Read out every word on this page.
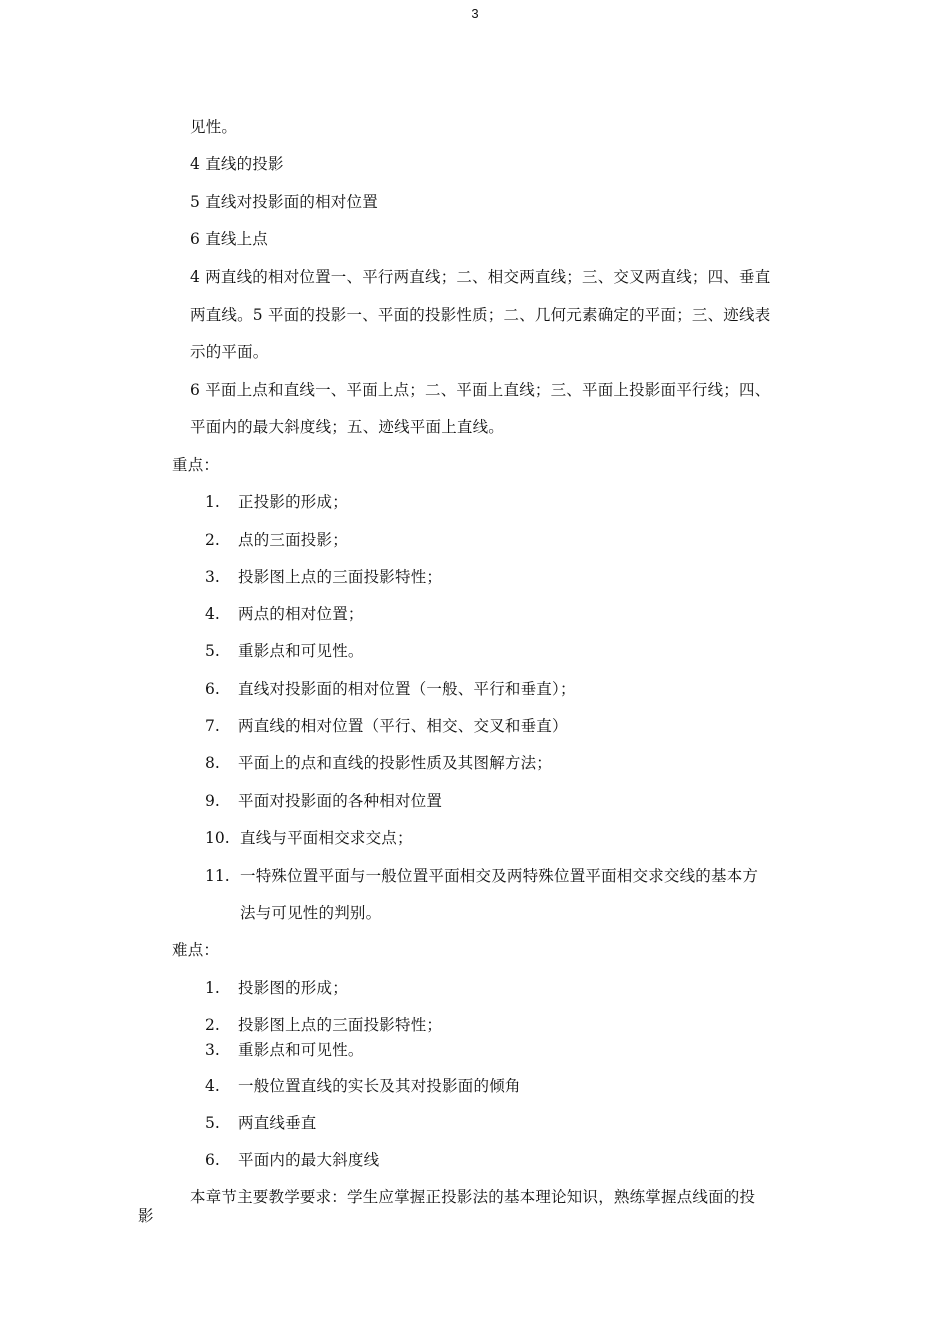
3
见性。
4 直线的投影
5 直线对投影面的相对位置
6 直线上点
4 两直线的相对位置一、平行两直线；二、相交两直线；三、交叉两直线；四、垂直
两直线。5 平面的投影一、平面的投影性质；二、几何元素确定的平面；三、迹线表
示的平面。
6 平面上点和直线一、平面上点；二、平面上直线；三、平面上投影面平行线；四、
平面内的最大斜度线；五、迹线平面上直线。
重点：
1. 正投影的形成；
2. 点的三面投影；
3. 投影图上点的三面投影特性；
4. 两点的相对位置；
5. 重影点和可见性。
6. 直线对投影面的相对位置（一般、平行和垂直）；
7. 两直线的相对位置（平行、相交、交叉和垂直）
8. 平面上的点和直线的投影性质及其图解方法；
9. 平面对投影面的各种相对位置
10. 直线与平面相交求交点；
11. 一特殊位置平面与一般位置平面相交及两特殊位置平面相交求交线的基本方
法与可见性的判别。
难点：
1. 投影图的形成；
2. 投影图上点的三面投影特性；
3. 重影点和可见性。
4. 一般位置直线的实长及其对投影面的倾角
5. 两直线垂直
6. 平面内的最大斜度线
本章节主要教学要求：学生应掌握正投影法的基本理论知识，熟练掌握点线面的投
影
